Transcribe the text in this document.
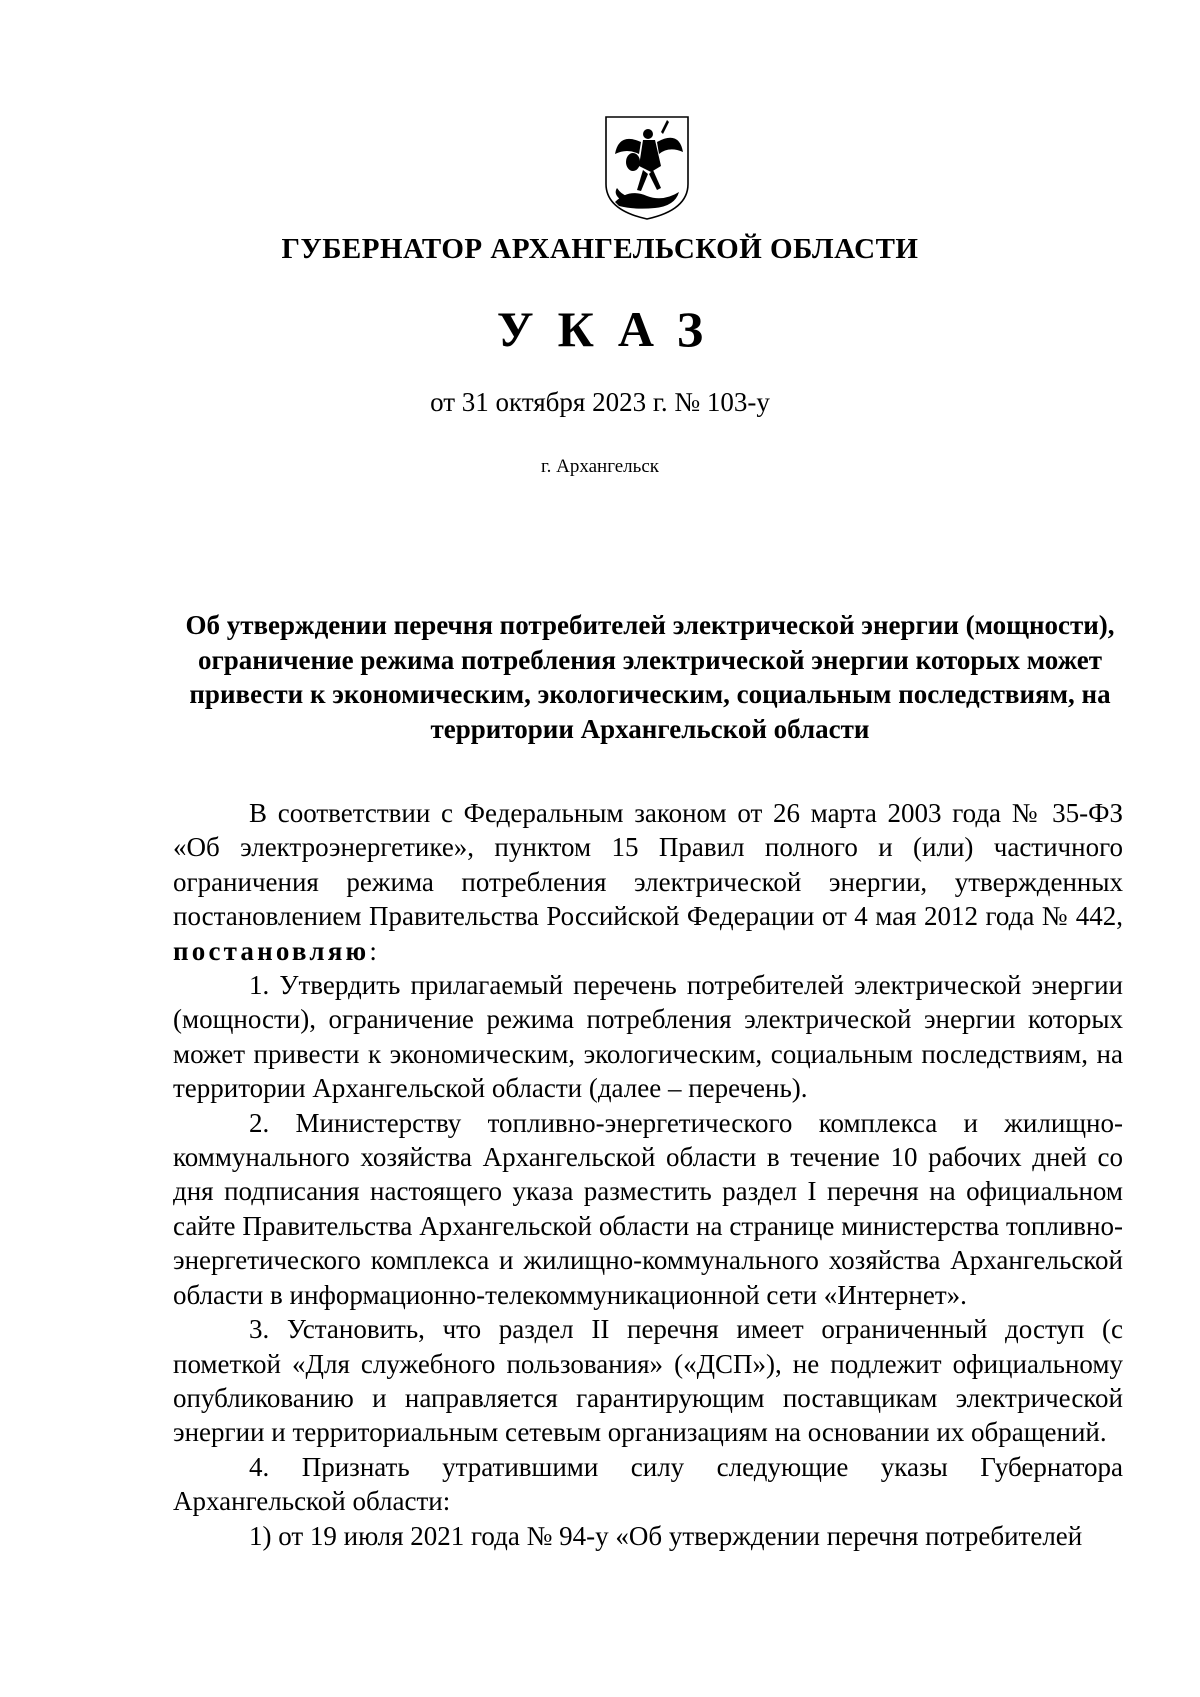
ГУБЕРНАТОР АРХАНГЕЛЬСКОЙ ОБЛАСТИ
УКАЗ
от 31 октября 2023 г. № 103-у
г. Архангельск
Об утверждении перечня потребителей электрической энергии (мощности), ограничение режима потребления электрической энергии которых может привести к экономическим, экологическим, социальным последствиям, на территории Архангельской области

В соответствии с Федеральным законом от 26 марта 2003 года № 35-ФЗ «Об электроэнергетике», пунктом 15 Правил полного и (или) частичного ограничения режима потребления электрической энергии, утвержденных постановлением Правительства Российской Федерации от 4 мая 2012 года № 442, постановляю:

1. Утвердить прилагаемый перечень потребителей электрической энергии (мощности), ограничение режима потребления электрической энергии которых может привести к экономическим, экологическим, социальным последствиям, на территории Архангельской области (далее – перечень).

2. Министерству топливно-энергетического комплекса и жилищно-коммунального хозяйства Архангельской области в течение 10 рабочих дней со дня подписания настоящего указа разместить раздел I перечня на официальном сайте Правительства Архангельской области на странице министерства топливно-энергетического комплекса и жилищно-коммунального хозяйства Архангельской области в информационно-телекоммуникационной сети «Интернет».

3. Установить, что раздел II перечня имеет ограниченный доступ (с пометкой «Для служебного пользования» («ДСП»), не подлежит официальному опубликованию и направляется гарантирующим поставщикам электрической энергии и территориальным сетевым организациям на основании их обращений.

4. Признать утратившими силу следующие указы Губернатора Архангельской области:

1) от 19 июля 2021 года № 94-у «Об утверждении перечня потребителей
